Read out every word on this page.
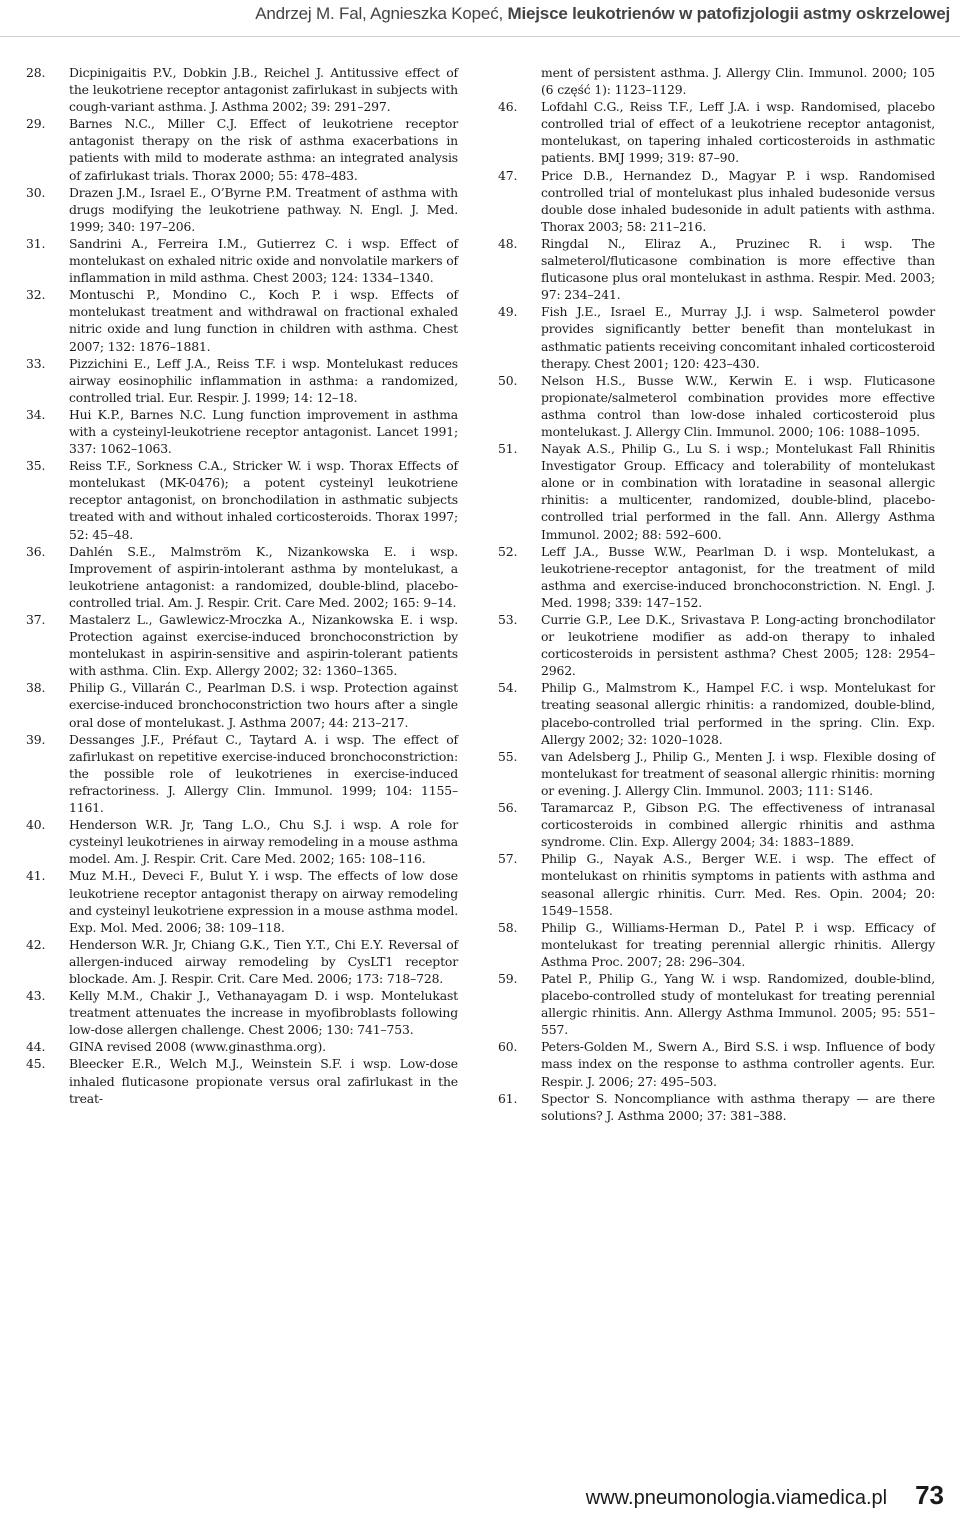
Andrzej M. Fal, Agnieszka Kopeć, Miejsce leukotrienów w patofizjologii astmy oskrzelowej
28. Dicpinigaitis P.V., Dobkin J.B., Reichel J. Antitussive effect of the leukotriene receptor antagonist zafirlukast in subjects with cough-variant asthma. J. Asthma 2002; 39: 291–297.
29. Barnes N.C., Miller C.J. Effect of leukotriene receptor antagonist therapy on the risk of asthma exacerbations in patients with mild to moderate asthma: an integrated analysis of zafirlukast trials. Thorax 2000; 55: 478–483.
30. Drazen J.M., Israel E., O’Byrne P.M. Treatment of asthma with drugs modifying the leukotriene pathway. N. Engl. J. Med. 1999; 340: 197–206.
31. Sandrini A., Ferreira I.M., Gutierrez C. i wsp. Effect of montelukast on exhaled nitric oxide and nonvolatile markers of inflammation in mild asthma. Chest 2003; 124: 1334–1340.
32. Montuschi P., Mondino C., Koch P. i wsp. Effects of montelukast treatment and withdrawal on fractional exhaled nitric oxide and lung function in children with asthma. Chest 2007; 132: 1876–1881.
33. Pizzichini E., Leff J.A., Reiss T.F. i wsp. Montelukast reduces airway eosinophilic inflammation in asthma: a randomized, controlled trial. Eur. Respir. J. 1999; 14: 12–18.
34. Hui K.P., Barnes N.C. Lung function improvement in asthma with a cysteinyl-leukotriene receptor antagonist. Lancet 1991; 337: 1062–1063.
35. Reiss T.F., Sorkness C.A., Stricker W. i wsp. Thorax Effects of montelukast (MK-0476); a potent cysteinyl leukotriene receptor antagonist, on bronchodilation in asthmatic subjects treated with and without inhaled corticosteroids. Thorax 1997; 52: 45–48.
36. Dahlén S.E., Malmström K., Nizankowska E. i wsp. Improvement of aspirin-intolerant asthma by montelukast, a leukotriene antagonist: a randomized, double-blind, placebo-controlled trial. Am. J. Respir. Crit. Care Med. 2002; 165: 9–14.
37. Mastalerz L., Gawlewicz-Mroczka A., Nizankowska E. i wsp. Protection against exercise-induced bronchoconstriction by montelukast in aspirin-sensitive and aspirin-tolerant patients with asthma. Clin. Exp. Allergy 2002; 32: 1360–1365.
38. Philip G., Villarán C., Pearlman D.S. i wsp. Protection against exercise-induced bronchoconstriction two hours after a single oral dose of montelukast. J. Asthma 2007; 44: 213–217.
39. Dessanges J.F., Préfaut C., Taytard A. i wsp. The effect of zafirlukast on repetitive exercise-induced bronchoconstriction: the possible role of leukotrienes in exercise-induced refractoriness. J. Allergy Clin. Immunol. 1999; 104: 1155–1161.
40. Henderson W.R. Jr, Tang L.O., Chu S.J. i wsp. A role for cysteinyl leukotrienes in airway remodeling in a mouse asthma model. Am. J. Respir. Crit. Care Med. 2002; 165: 108–116.
41. Muz M.H., Deveci F., Bulut Y. i wsp. The effects of low dose leukotriene receptor antagonist therapy on airway remodeling and cysteinyl leukotriene expression in a mouse asthma model. Exp. Mol. Med. 2006; 38: 109–118.
42. Henderson W.R. Jr, Chiang G.K., Tien Y.T., Chi E.Y. Reversal of allergen-induced airway remodeling by CysLT1 receptor blockade. Am. J. Respir. Crit. Care Med. 2006; 173: 718–728.
43. Kelly M.M., Chakir J., Vethanayagam D. i wsp. Montelukast treatment attenuates the increase in myofibroblasts following low-dose allergen challenge. Chest 2006; 130: 741–753.
44. GINA revised 2008 (www.ginasthma.org).
45. Bleecker E.R., Welch M.J., Weinstein S.F. i wsp. Low-dose inhaled fluticasone propionate versus oral zafirlukast in the treat-
ment of persistent asthma. J. Allergy Clin. Immunol. 2000; 105 (6 część 1): 1123–1129.
46. Lofdahl C.G., Reiss T.F., Leff J.A. i wsp. Randomised, placebo controlled trial of effect of a leukotriene receptor antagonist, montelukast, on tapering inhaled corticosteroids in asthmatic patients. BMJ 1999; 319: 87–90.
47. Price D.B., Hernandez D., Magyar P. i wsp. Randomised controlled trial of montelukast plus inhaled budesonide versus double dose inhaled budesonide in adult patients with asthma. Thorax 2003; 58: 211–216.
48. Ringdal N., Eliraz A., Pruzinec R. i wsp. The salmeterol/fluticasone combination is more effective than fluticasone plus oral montelukast in asthma. Respir. Med. 2003; 97: 234–241.
49. Fish J.E., Israel E., Murray J.J. i wsp. Salmeterol powder provides significantly better benefit than montelukast in asthmatic patients receiving concomitant inhaled corticosteroid therapy. Chest 2001; 120: 423–430.
50. Nelson H.S., Busse W.W., Kerwin E. i wsp. Fluticasone propionate/salmeterol combination provides more effective asthma control than low-dose inhaled corticosteroid plus montelukast. J. Allergy Clin. Immunol. 2000; 106: 1088–1095.
51. Nayak A.S., Philip G., Lu S. i wsp.; Montelukast Fall Rhinitis Investigator Group. Efficacy and tolerability of montelukast alone or in combination with loratadine in seasonal allergic rhinitis: a multicenter, randomized, double-blind, placebo-controlled trial performed in the fall. Ann. Allergy Asthma Immunol. 2002; 88: 592–600.
52. Leff J.A., Busse W.W., Pearlman D. i wsp. Montelukast, a leukotriene-receptor antagonist, for the treatment of mild asthma and exercise-induced bronchoconstriction. N. Engl. J. Med. 1998; 339: 147–152.
53. Currie G.P., Lee D.K., Srivastava P. Long-acting bronchodilator or leukotriene modifier as add-on therapy to inhaled corticosteroids in persistent asthma? Chest 2005; 128: 2954–2962.
54. Philip G., Malmstrom K., Hampel F.C. i wsp. Montelukast for treating seasonal allergic rhinitis: a randomized, double-blind, placebo-controlled trial performed in the spring. Clin. Exp. Allergy 2002; 32: 1020–1028.
55. van Adelsberg J., Philip G., Menten J. i wsp. Flexible dosing of montelukast for treatment of seasonal allergic rhinitis: morning or evening. J. Allergy Clin. Immunol. 2003; 111: S146.
56. Taramarcaz P., Gibson P.G. The effectiveness of intranasal corticosteroids in combined allergic rhinitis and asthma syndrome. Clin. Exp. Allergy 2004; 34: 1883–1889.
57. Philip G., Nayak A.S., Berger W.E. i wsp. The effect of montelukast on rhinitis symptoms in patients with asthma and seasonal allergic rhinitis. Curr. Med. Res. Opin. 2004; 20: 1549–1558.
58. Philip G., Williams-Herman D., Patel P. i wsp. Efficacy of montelukast for treating perennial allergic rhinitis. Allergy Asthma Proc. 2007; 28: 296–304.
59. Patel P., Philip G., Yang W. i wsp. Randomized, double-blind, placebo-controlled study of montelukast for treating perennial allergic rhinitis. Ann. Allergy Asthma Immunol. 2005; 95: 551–557.
60. Peters-Golden M., Swern A., Bird S.S. i wsp. Influence of body mass index on the response to asthma controller agents. Eur. Respir. J. 2006; 27: 495–503.
61. Spector S. Noncompliance with asthma therapy — are there solutions? J. Asthma 2000; 37: 381–388.
www.pneumonologia.viamedica.pl 73
